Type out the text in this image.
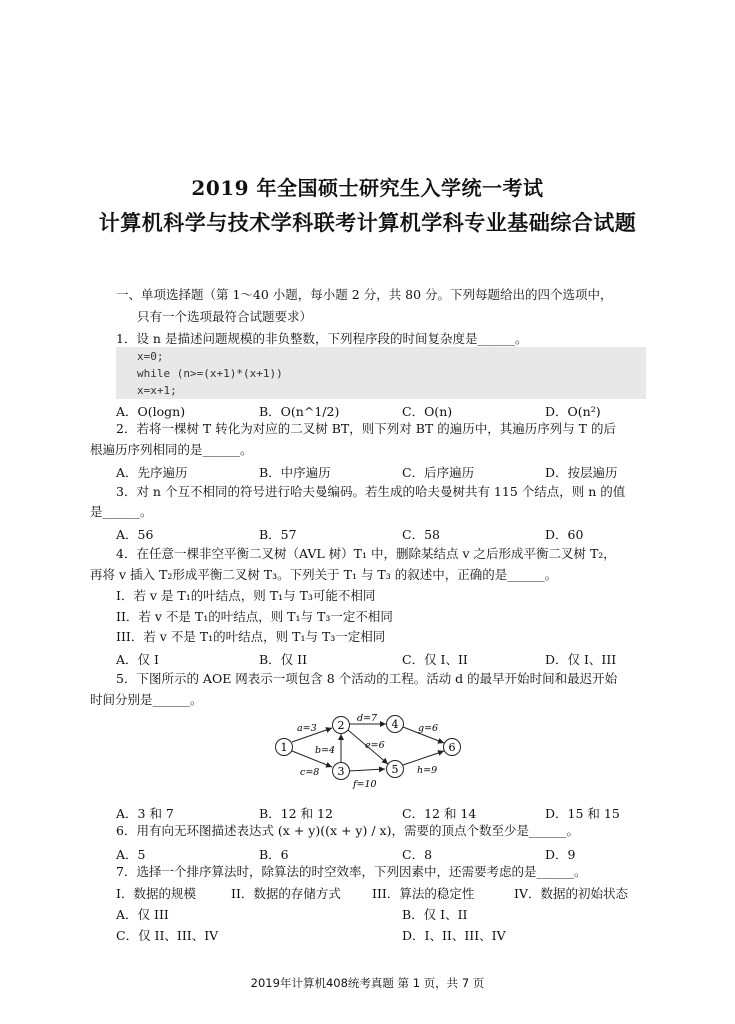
2019 年全国硕士研究生入学统一考试
计算机科学与技术学科联考计算机学科专业基础综合试题
一、单项选择题（第 1～40 小题，每小题 2 分，共 80 分。下列每题给出的四个选项中，
只有一个选项最符合试题要求）
1．设 n 是描述问题规模的非负整数，下列程序段的时间复杂度是______。
x=0;
while (n>=(x+1)*(x+1))
x=x+1;
A．O(logn)	B．O(n^1/2)	C．O(n)	D．O(n²)
2．若将一棵树 T 转化为对应的二叉树 BT，则下列对 BT 的遍历中，其遍历序列与 T 的后
根遍历序列相同的是______。
A．先序遍历	B．中序遍历	C．后序遍历	D．按层遍历
3．对 n 个互不相同的符号进行哈夫曼编码。若生成的哈夫曼树共有 115 个结点，则 n 的值
是______。
A．56	B．57	C．58	D．60
4．在任意一棵非空平衡二叉树（AVL 树）T₁ 中，删除某结点 v 之后形成平衡二叉树 T₂，
再将 v 插入 T₂形成平衡二叉树 T₃。下列关于 T₁ 与 T₃ 的叙述中，正确的是______。
I．若 v 是 T₁的叶结点，则 T₁与 T₃可能不相同
II．若 v 不是 T₁的叶结点，则 T₁与 T₃一定不相同
III．若 v 不是 T₁的叶结点，则 T₁与 T₃一定相同
A．仅 I	B．仅 II	C．仅 I、II	D．仅 I、III
5．下图所示的 AOE 网表示一项包含 8 个活动的工程。活动 d 的最早开始时间和最迟开始
时间分别是______。
1
2
3
4
5
6
a=3
b=4
c=8
d=7
e=6
f=10
g=6
h=9
A．3 和 7	B．12 和 12	C．12 和 14	D．15 和 15
6．用有向无环图描述表达式 (x + y)((x + y) / x)，需要的顶点个数至少是______。
A．5	B．6	C．8	D．9
7．选择一个排序算法时，除算法的时空效率，下列因素中，还需要考虑的是______。
I．数据的规模	II．数据的存储方式 III．算法的稳定性	IV．数据的初始状态
A．仅 III	B．仅 I、II
C．仅 II、III、IV	D．I、II、III、IV
2019年计算机408统考真题 第 1 页，共 7 页
